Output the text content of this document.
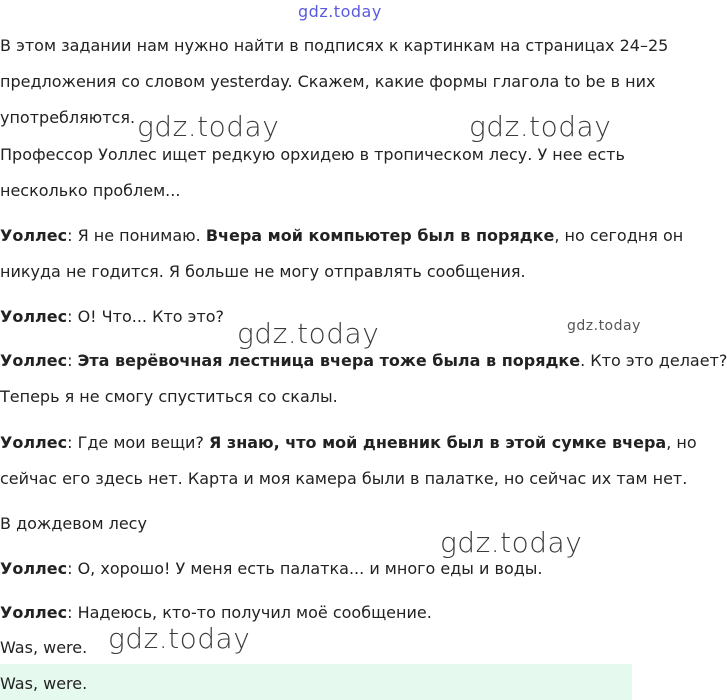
gdz.today
В этом задании нам нужно найти в подписях к картинкам на страницах 24–25
предложения со словом yesterday. Скажем, какие формы глагола to be в них
употребляются.
Профессор Уоллес ищет редкую орхидею в тропическом лесу. У нее есть
несколько проблем...
Уоллес: Я не понимаю. Вчера мой компьютер был в порядке, но сегодня он
никуда не годится. Я больше не могу отправлять сообщения.
Уоллес: О! Что... Кто это?
Уоллес: Эта верёвочная лестница вчера тоже была в порядке. Кто это делает?
Теперь я не смогу спуститься со скалы.
Уоллес: Где мои вещи? Я знаю, что мой дневник был в этой сумке вчера, но
сейчас его здесь нет. Карта и моя камера были в палатке, но сейчас их там нет.
В дождевом лесу
Уоллес: О, хорошо! У меня есть палатка... и много еды и воды.
Уоллес: Надеюсь, кто-то получил моё сообщение.
Was, were.
Was, were.
gdz.today	gdz.today
gdz.today	gdz.today
gdz.today
gdz.today
